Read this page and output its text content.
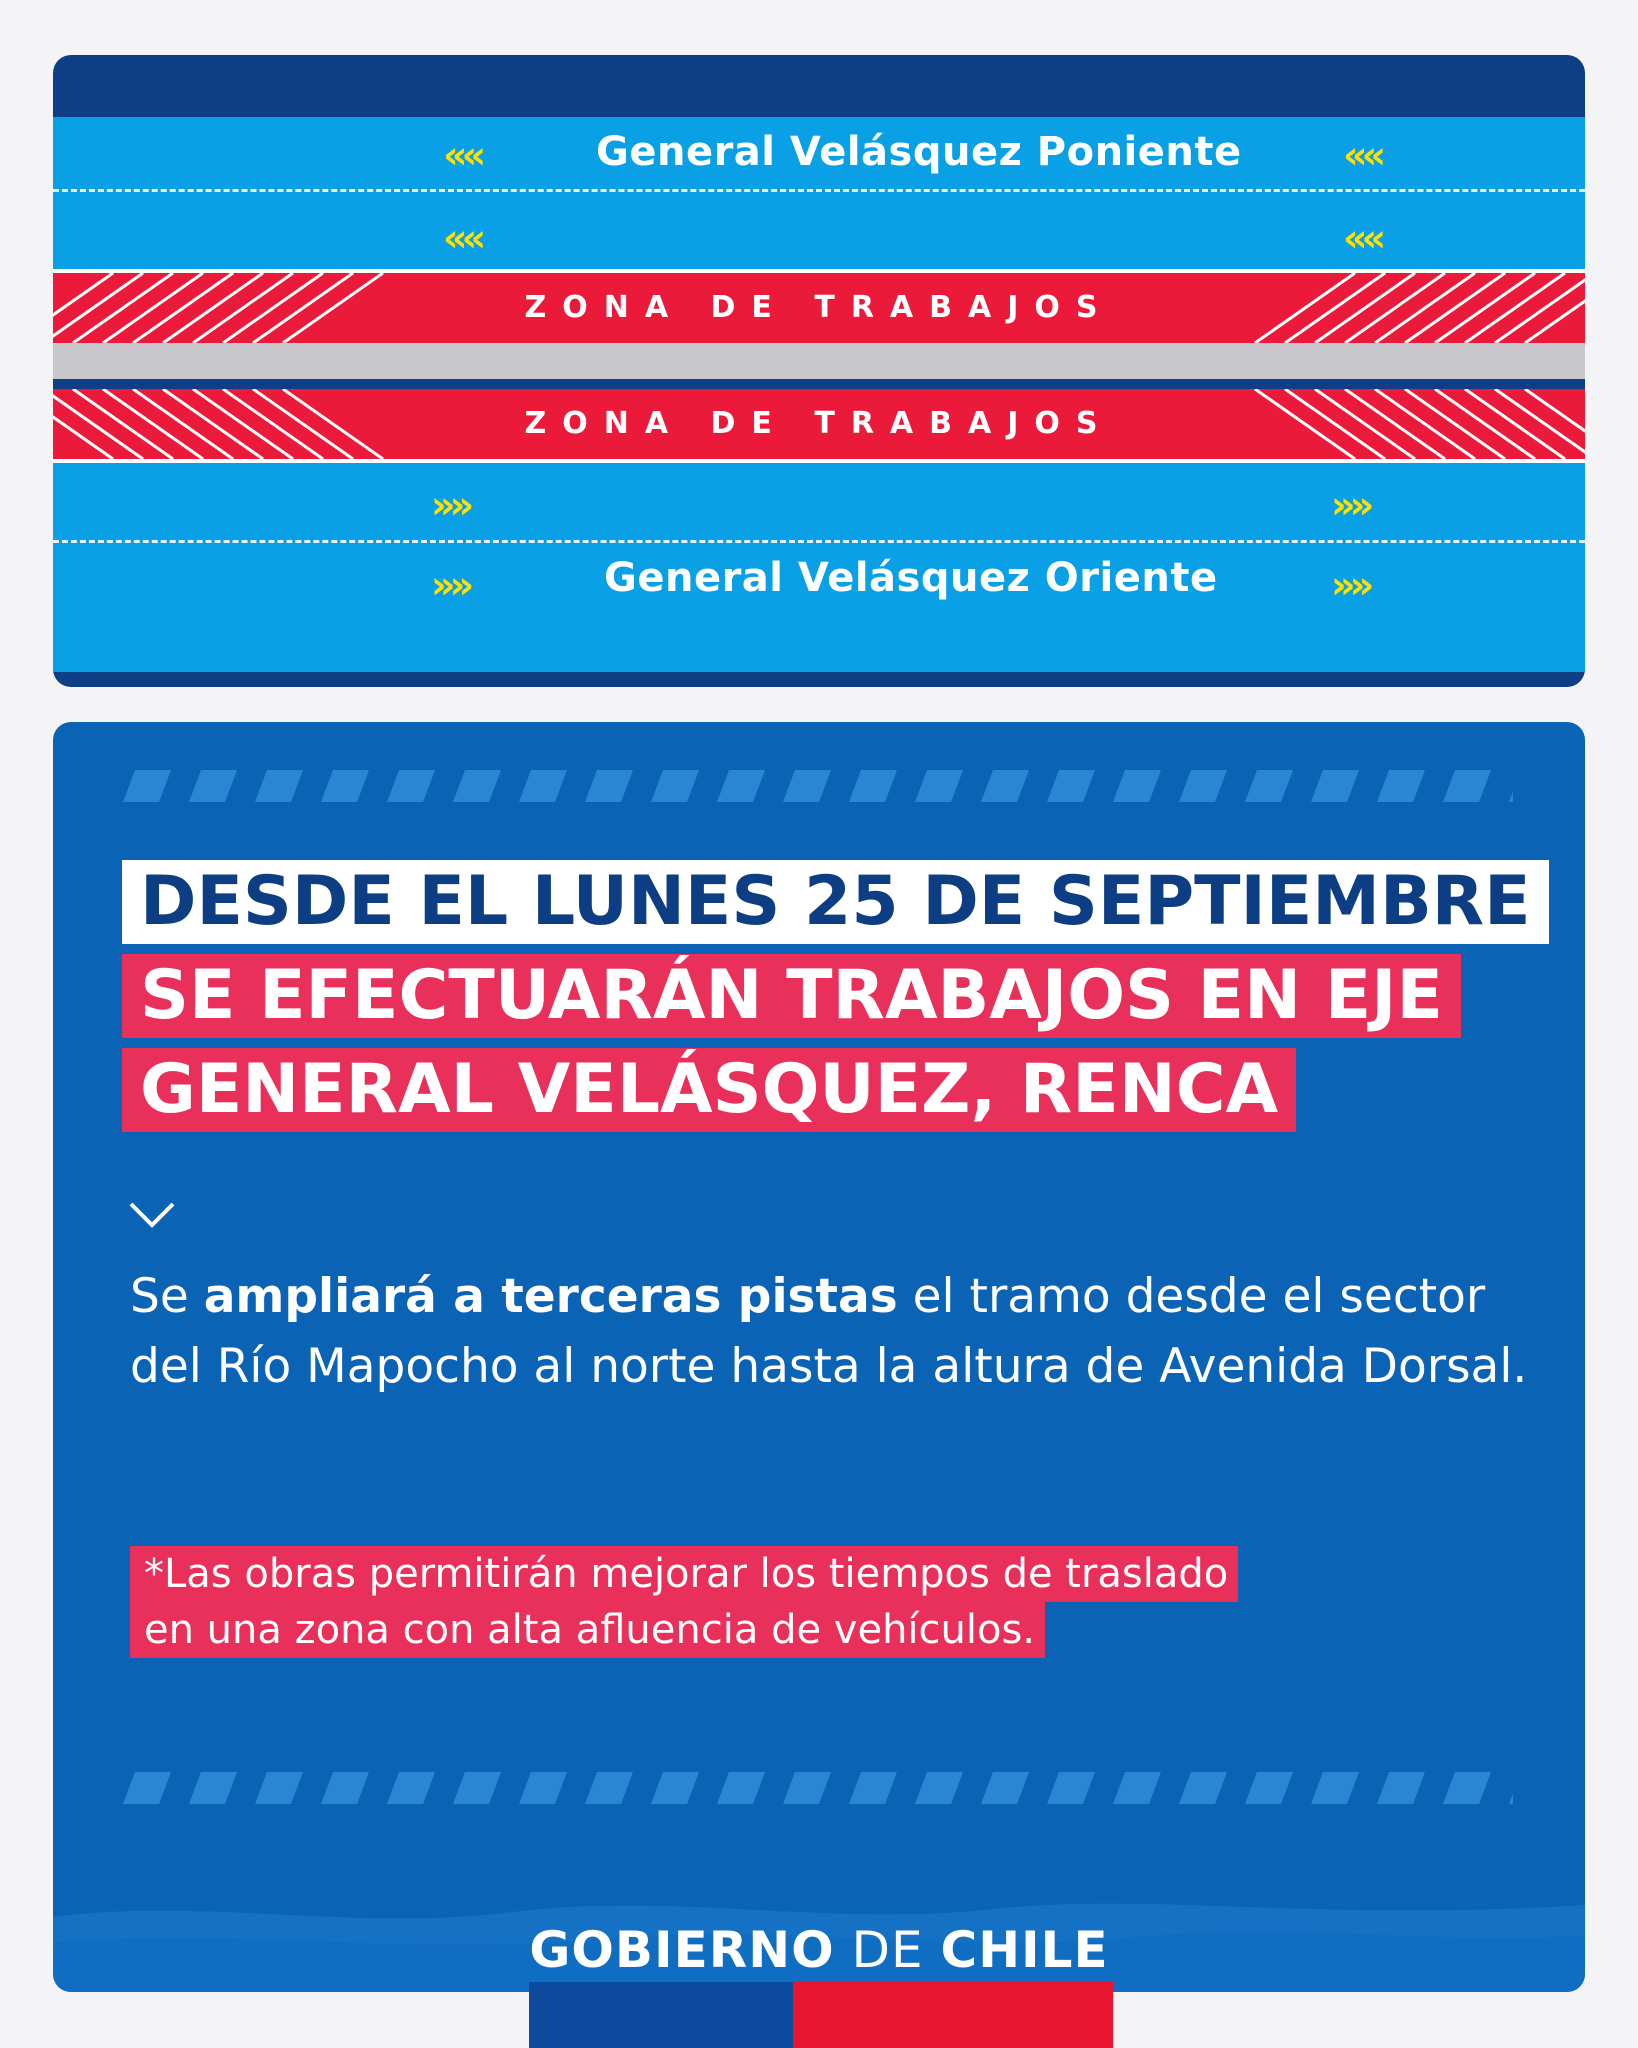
««	««
««	««
General Velásquez Poniente
ZONA DE TRABAJOS
ZONA DE TRABAJOS
»»	»»
»»	»»
General Velásquez Oriente
DESDE EL LUNES 25 DE SEPTIEMBRE
SE EFECTUARÁN TRABAJOS EN EJE
GENERAL VELÁSQUEZ, RENCA
Se ampliará a terceras pistas el tramo desde el sector del Río Mapocho al norte hasta la altura de Avenida Dorsal.
*Las obras permitirán mejorar los tiempos de traslado
en una zona con alta afluencia de vehículos.
GOBIERNO DE CHILE
